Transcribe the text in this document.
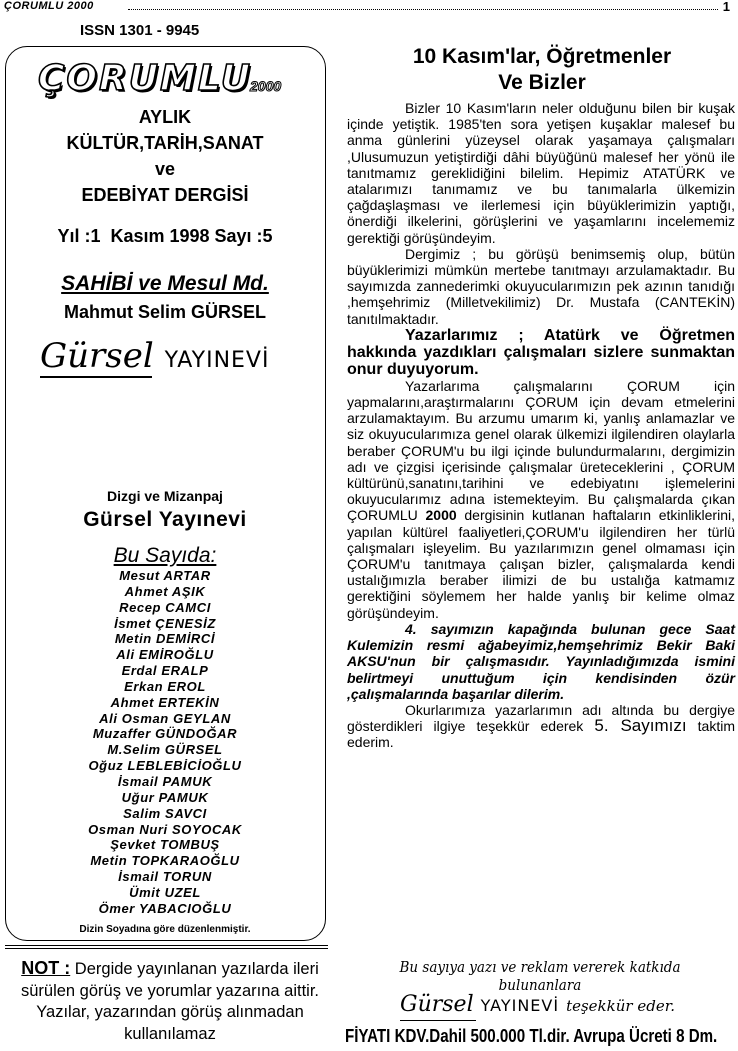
ÇORUMLU 2000	1
ISSN 1301 - 9945
ÇORUMLU
2000
AYLIK
KÜLTÜR,TARİH,SANAT
ve
EDEBİYAT DERGİSİ
Yıl :1  Kasım 1998 Sayı :5
SAHİBİ ve Mesul Md.
Mahmut Selim GÜRSEL
Gürsel YAYINEVİ
Dizgi ve Mizanpaj
Gürsel Yayınevi
Bu Sayıda:
Mesut ARTAR
Ahmet AŞIK
Recep CAMCI
İsmet ÇENESİZ
Metin DEMİRCİ
Ali EMİROĞLU
Erdal ERALP
Erkan EROL
Ahmet ERTEKİN
Ali Osman GEYLAN
Muzaffer GÜNDOĞAR
M.Selim GÜRSEL
Oğuz LEBLEBİCİOĞLU
İsmail PAMUK
Uğur PAMUK
Salim SAVCI
Osman Nuri SOYOCAK
Şevket TOMBUŞ
Metin TOPKARAOĞLU
İsmail TORUN
Ümit UZEL
Ömer YABACIOĞLU
Dizin Soyadına göre düzenlenmiştir.
NOT : Dergide yayınlanan yazılarda ileri sürülen görüş ve yorumlar yazarına aittir. Yazılar, yazarından görüş alınmadan kullanılamaz
10 Kasım'lar, Öğretmenler
Ve Bizler

Bizler 10 Kasım'ların neler olduğunu bilen bir kuşak içinde yetiştik. 1985'ten sora yetişen kuşaklar malesef bu anma günlerini yüzeysel olarak yaşamaya çalışmaları ,Ulusumuzun yetiştirdiği dâhi büyüğünü malesef her yönü ile tanıtmamız gereklidiğini bilelim. Hepimiz ATATÜRK ve atalarımızı tanımamız ve bu tanımalarla ülkemizin çağdaşlaşması ve ilerlemesi için büyüklerimizin yaptığı, önerdiği ilkelerini, görüşlerini ve yaşamlarını incelememiz gerektiği görüşündeyim.

Dergimiz ; bu görüşü benimsemiş olup, bütün büyüklerimizi mümkün mertebe tanıtmayı arzulamaktadır. Bu sayımızda zannederimki okuyucularımızın pek azının tanıdığı ,hemşehrimiz (Milletvekilimiz) Dr. Mustafa (CANTEKİN) tanıtılmaktadır.

Yazarlarımız ; Atatürk ve Öğretmen hakkında yazdıkları çalışmaları sizlere sunmaktan onur duyuyorum.

Yazarlarıma çalışmalarını ÇORUM için yapmalarını,araştırmalarını ÇORUM için devam etmelerini arzulamaktayım. Bu arzumu umarım ki, yanlış anlamazlar ve siz okuyucularımıza genel olarak ülkemizi ilgilendiren olaylarla beraber ÇORUM'u bu ilgi içinde bulundurmalarını, dergimizin adı ve çizgisi içerisinde çalışmalar üreteceklerini , ÇORUM kültürünü,sanatını,tarihini ve edebiyatını işlemelerini okuyucularımız adına istemekteyim. Bu çalışmalarda çıkan ÇORUMLU 2000 dergisinin kutlanan haftaların etkinliklerini, yapılan kültürel faaliyetleri,ÇORUM'u ilgilendiren her türlü çalışmaları işleyelim. Bu yazılarımızın genel olmaması için ÇORUM'u tanıtmaya çalışan bizler, çalışmalarda kendi ustalığımızla beraber ilimizi de bu ustalığa katmamız gerektiğini söylemem her halde yanlış bir kelime olmaz görüşündeyim.

4. sayımızın kapağında bulunan gece Saat Kulemizin resmi ağabeyimiz,hemşehrimiz Bekir Baki AKSU'nun bir çalışmasıdır. Yayınladığımızda ismini belirtmeyi unuttuğum için kendisinden özür ,çalışmalarında başarılar dilerim.

Okurlarımıza yazarlarımın adı altında bu dergiye gösterdikleri ilgiye teşekkür ederek 5. Sayımızı taktim ederim.

Bu sayıya yazı ve reklam vererek katkıda bulunanlara
Gürsel YAYINEVİ teşekkür eder.
FİYATI KDV.Dahil 500.000 Tl.dir. Avrupa Ücreti 8 Dm.
